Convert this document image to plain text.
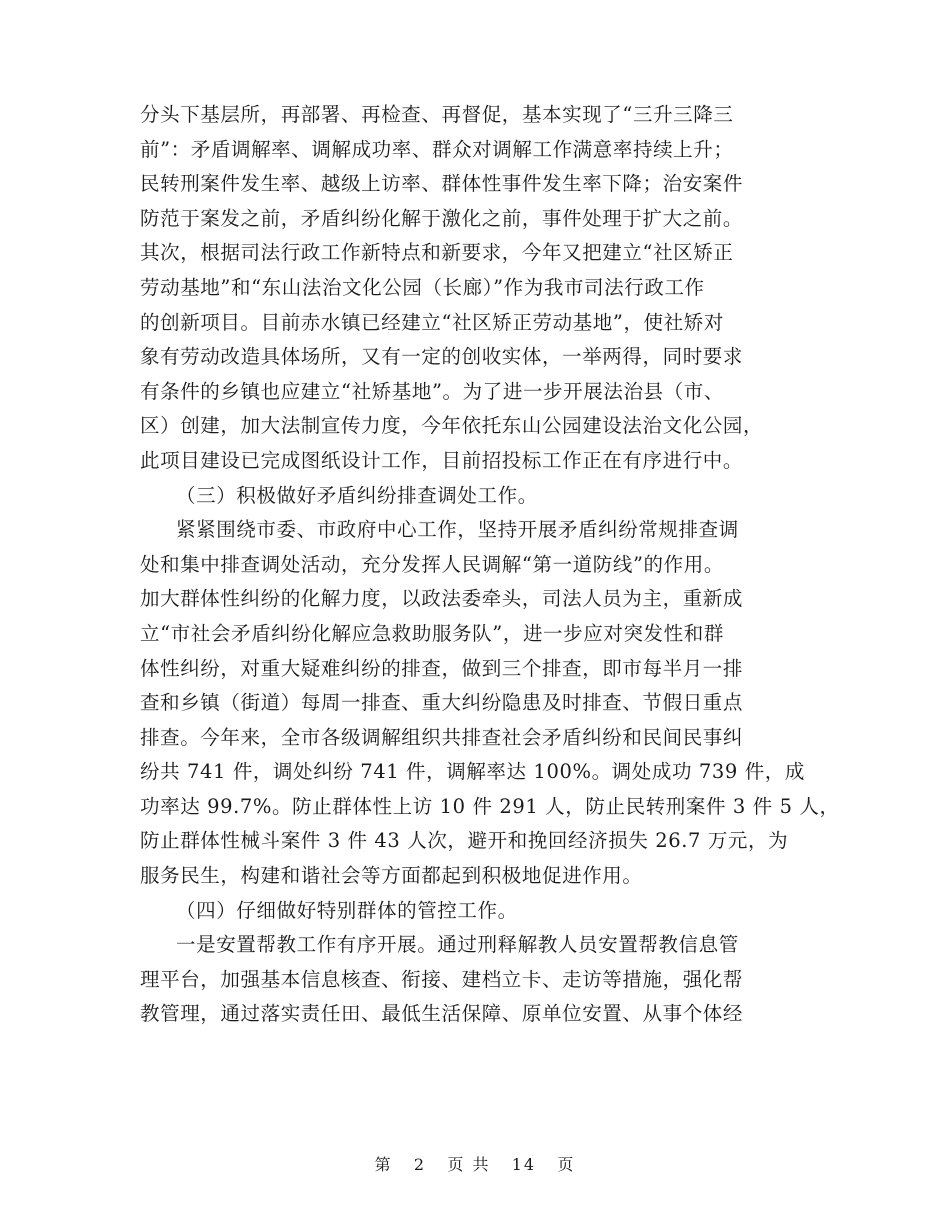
分头下基层所，再部署、再检查、再督促，基本实现了“三升三降三
前”：矛盾调解率、调解成功率、群众对调解工作满意率持续上升；
民转刑案件发生率、越级上访率、群体性事件发生率下降；治安案件
防范于案发之前，矛盾纠纷化解于激化之前，事件处理于扩大之前。
其次，根据司法行政工作新特点和新要求，今年又把建立“社区矫正
劳动基地”和“东山法治文化公园（长廊）”作为我市司法行政工作
的创新项目。目前赤水镇已经建立“社区矫正劳动基地”，使社矫对
象有劳动改造具体场所，又有一定的创收实体，一举两得，同时要求
有条件的乡镇也应建立“社矫基地”。为了进一步开展法治县（市、
区）创建，加大法制宣传力度，今年依托东山公园建设法治文化公园，
此项目建设已完成图纸设计工作，目前招投标工作正在有序进行中。
（三）积极做好矛盾纠纷排查调处工作。
紧紧围绕市委、市政府中心工作，坚持开展矛盾纠纷常规排查调
处和集中排查调处活动，充分发挥人民调解“第一道防线”的作用。
加大群体性纠纷的化解力度，以政法委牵头，司法人员为主，重新成
立“市社会矛盾纠纷化解应急救助服务队”，进一步应对突发性和群
体性纠纷，对重大疑难纠纷的排查，做到三个排查，即市每半月一排
查和乡镇（街道）每周一排查、重大纠纷隐患及时排查、节假日重点
排查。今年来，全市各级调解组织共排查社会矛盾纠纷和民间民事纠
纷共 741 件，调处纠纷 741 件，调解率达 100%。调处成功 739 件，成
功率达 99.7%。防止群体性上访 10 件 291 人，防止民转刑案件 3 件 5 人，
防止群体性械斗案件 3 件 43 人次，避开和挽回经济损失 26.7 万元，为
服务民生，构建和谐社会等方面都起到积极地促进作用。
（四）仔细做好特别群体的管控工作。
一是安置帮教工作有序开展。通过刑释解教人员安置帮教信息管
理平台，加强基本信息核查、衔接、建档立卡、走访等措施，强化帮
教管理，通过落实责任田、最低生活保障、原单位安置、从事个体经
第 2 页 共 14 页
